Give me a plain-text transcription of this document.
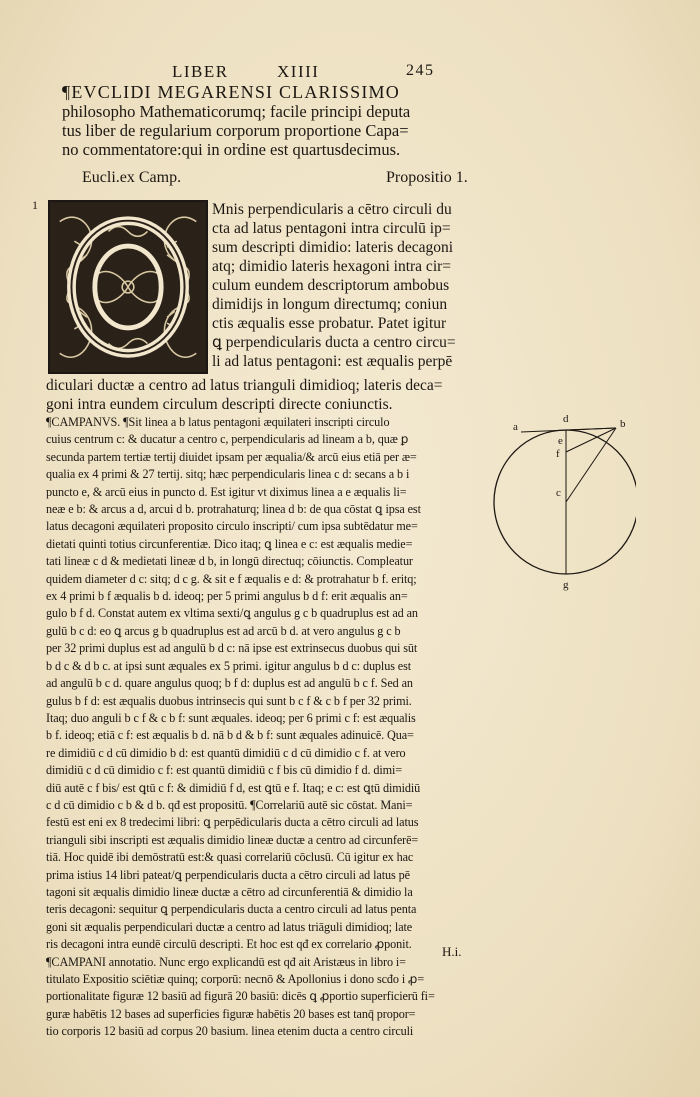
LIBER	XIIII	245
¶EVCLIDI MEGARENSI CLARISSIMO
philosopho Mathematicorumq; facile principi deputa
tus liber de regularium corporum proportione Capa=
no commentatore:qui in ordine est quartusdecimus.
Eucli.ex Camp.	Propositio 1.
1	Mnis perpendicularis a cētro circuli du
cta ad latus pentagoni intra circulū ip=
sum descripti dimidio: lateris decagoni
atq; dimidio lateris hexagoni intra cir=
culum eundem descriptorum ambobus
dimidijs in longum directumq; coniun
ctis æqualis esse probatur. Patet igitur
ꝗ perpendicularis ducta a centro circu=
li ad latus pentagoni: est æqualis perpē
diculari ductæ a centro ad latus trianguli dimidioq; lateris deca=
goni intra eundem circulum descripti directe coniunctis.
¶CAMPANVS. ¶Sit linea a b latus pentagoni æquilateri inscripti circulo
cuius centrum c: & ducatur a centro c, perpendicularis ad lineam a b, quæ ꝑ
secunda partem tertiæ tertij diuidet ipsam per æqualia/& arcū eius etiā per æ=
qualia ex 4 primi & 27 tertij. sitq; hæc perpendicularis linea c d: secans a b i
puncto e, & arcū eius in puncto d. Est igitur vt diximus linea a e æqualis li=
neæ e b: & arcus a d, arcui d b. protrahaturq; linea d b: de qua cōstat ꝗ ipsa est
latus decagoni æquilateri proposito circulo inscripti/ cum ipsa subtēdatur me=
dietati quinti totius circunferentiæ. Dico itaq; ꝗ linea e c: est æqualis medie=
tati lineæ c d & medietati lineæ d b, in longū directuq; cōiunctis. Compleatur
quidem diameter d c: sitq; d c g. & sit e f æqualis e d: & protrahatur b f. eritq;
ex 4 primi b f æqualis b d. ideoq; per 5 primi angulus b d f: erit æqualis an=
gulo b f d. Constat autem ex vltima sexti/ꝗ angulus g c b quadruplus est ad an
gulū b c d: eo ꝗ arcus g b quadruplus est ad arcū b d. at vero angulus g c b
per 32 primi duplus est ad angulū b d c: nā ipse est extrinsecus duobus qui sūt
b d c & d b c. at ipsi sunt æquales ex 5 primi. igitur angulus b d c: duplus est
ad angulū b c d. quare angulus quoq; b f d: duplus est ad angulū b c f. Sed an
gulus b f d: est æqualis duobus intrinsecis qui sunt b c f & c b f per 32 primi.
Itaq; duo anguli b c f & c b f: sunt æquales. ideoq; per 6 primi c f: est æqualis
b f. ideoq; etiā c f: est æqualis b d. nā b d & b f: sunt æquales adinuicē. Qua=
re dimidiū c d cū dimidio b d: est quantū dimidiū c d cū dimidio c f. at vero
dimidiū c d cū dimidio c f: est quantū dimidiū c f bis cū dimidio f d. dimi=
diū autē c f bis/ est ꝗtū c f: & dimidiū f d, est ꝗtū e f. Itaq; e c: est ꝗtū dimidiū
c d cū dimidio c b & d b. qđ est propositū. ¶Correlariū autē sic cōstat. Mani=
festū est eni ex 8 tredecimi libri: ꝗ perpēdicularis ducta a cētro circuli ad latus
trianguli sibi inscripti est æqualis dimidio lineæ ductæ a centro ad circunferē=
tiā. Hoc quidē ibi demōstratū est:& quasi correlariū cōclusū. Cū igitur ex hac
prima istius 14 libri pateat/ꝗ perpendicularis ducta a cētro circuli ad latus pē
tagoni sit æqualis dimidio lineæ ductæ a cētro ad circunferentiā & dimidio la
teris decagoni: sequitur ꝗ perpendicularis ducta a centro circuli ad latus penta
goni sit æqualis perpendiculari ductæ a centro ad latus triāguli dimidioq; late
ris decagoni intra eundē circulū descripti. Et hoc est qđ ex correlario ꝓponit.
¶CAMPANI annotatio. Nunc ergo explicandū est qđ ait Aristæus in libro i=
titulato Expositio sciētiæ quinq; corporū: necnō & Apollonius i dono scđo i ꝓ=
portionalitate figuræ 12 basiū ad figurā 20 basiū: dicēs ꝗ ꝓportio superficierū fi=
guræ habētis 12 bases ad superficies figuræ habētis 20 bases est tanq̄ propor=
tio corporis 12 basiū ad corpus 20 basium. linea etenim ducta a centro circuli
H.i.
d
a	b
e
f
c
g
